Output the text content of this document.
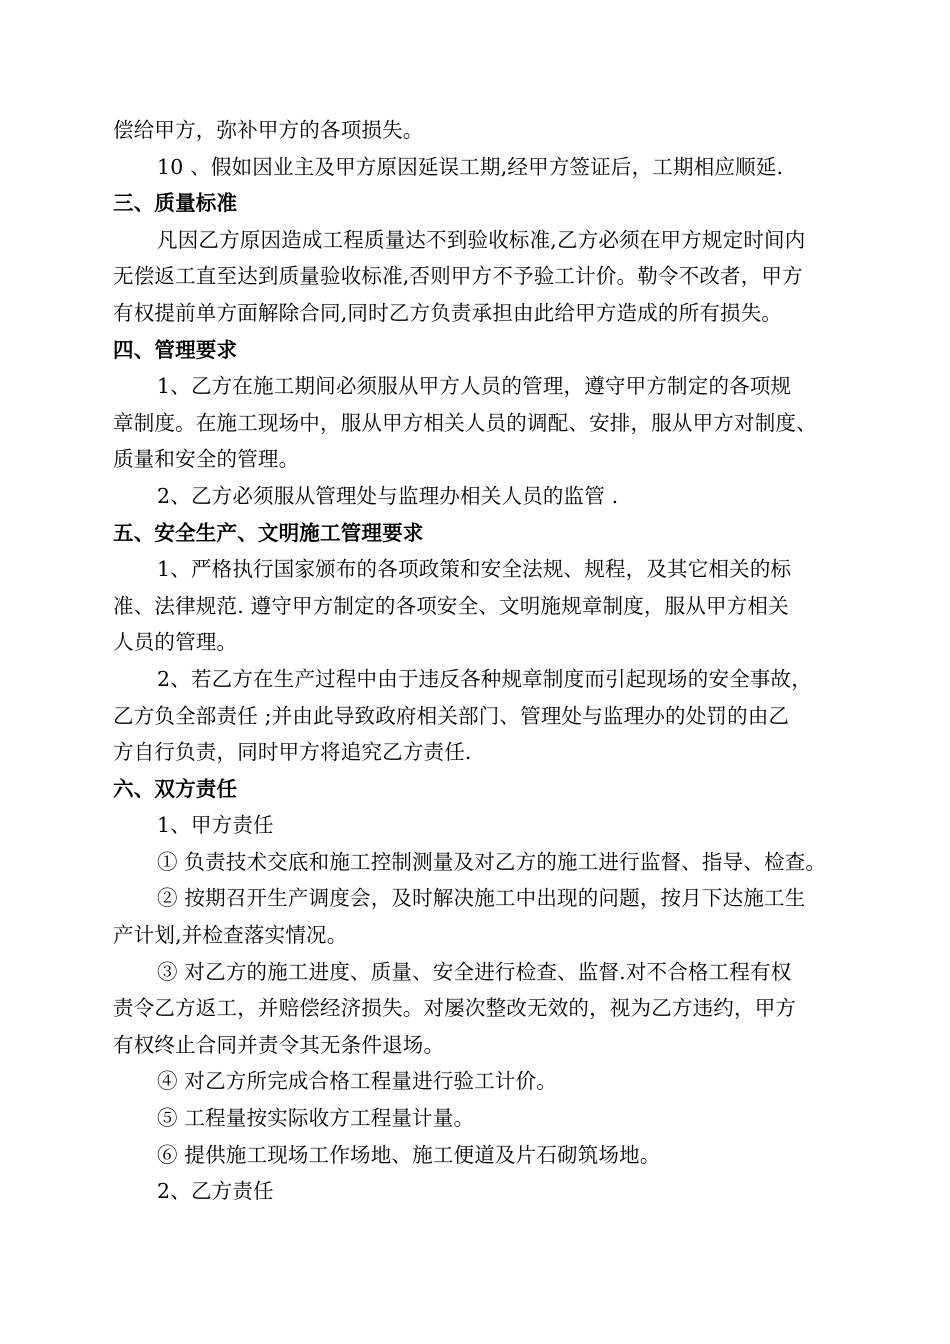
偿给甲方，弥补甲方的各项损失。
10 、假如因业主及甲方原因延误工期,经甲方签证后，工期相应顺延.
三、质量标准
凡因乙方原因造成工程质量达不到验收标准,乙方必须在甲方规定时间内
无偿返工直至达到质量验收标准,否则甲方不予验工计价。勒令不改者，甲方
有权提前单方面解除合同,同时乙方负责承担由此给甲方造成的所有损失。
四、管理要求
1、乙方在施工期间必须服从甲方人员的管理，遵守甲方制定的各项规
章制度。在施工现场中，服从甲方相关人员的调配、安排，服从甲方对制度、
质量和安全的管理。
2、乙方必须服从管理处与监理办相关人员的监管 .
五、安全生产、文明施工管理要求
1、严格执行国家颁布的各项政策和安全法规、规程，及其它相关的标
准、法律规范. 遵守甲方制定的各项安全、文明施规章制度，服从甲方相关
人员的管理。
2、若乙方在生产过程中由于违反各种规章制度而引起现场的安全事故，
乙方负全部责任 ;并由此导致政府相关部门、管理处与监理办的处罚的由乙
方自行负责，同时甲方将追究乙方责任.
六、双方责任
1、甲方责任
① 负责技术交底和施工控制测量及对乙方的施工进行监督、指导、检查。
② 按期召开生产调度会，及时解决施工中出现的问题，按月下达施工生
产计划,并检查落实情况。
③ 对乙方的施工进度、质量、安全进行检查、监督.对不合格工程有权
责令乙方返工，并赔偿经济损失。对屡次整改无效的，视为乙方违约，甲方
有权终止合同并责令其无条件退场。
④ 对乙方所完成合格工程量进行验工计价。
⑤ 工程量按实际收方工程量计量。
⑥ 提供施工现场工作场地、施工便道及片石砌筑场地。
2、乙方责任
